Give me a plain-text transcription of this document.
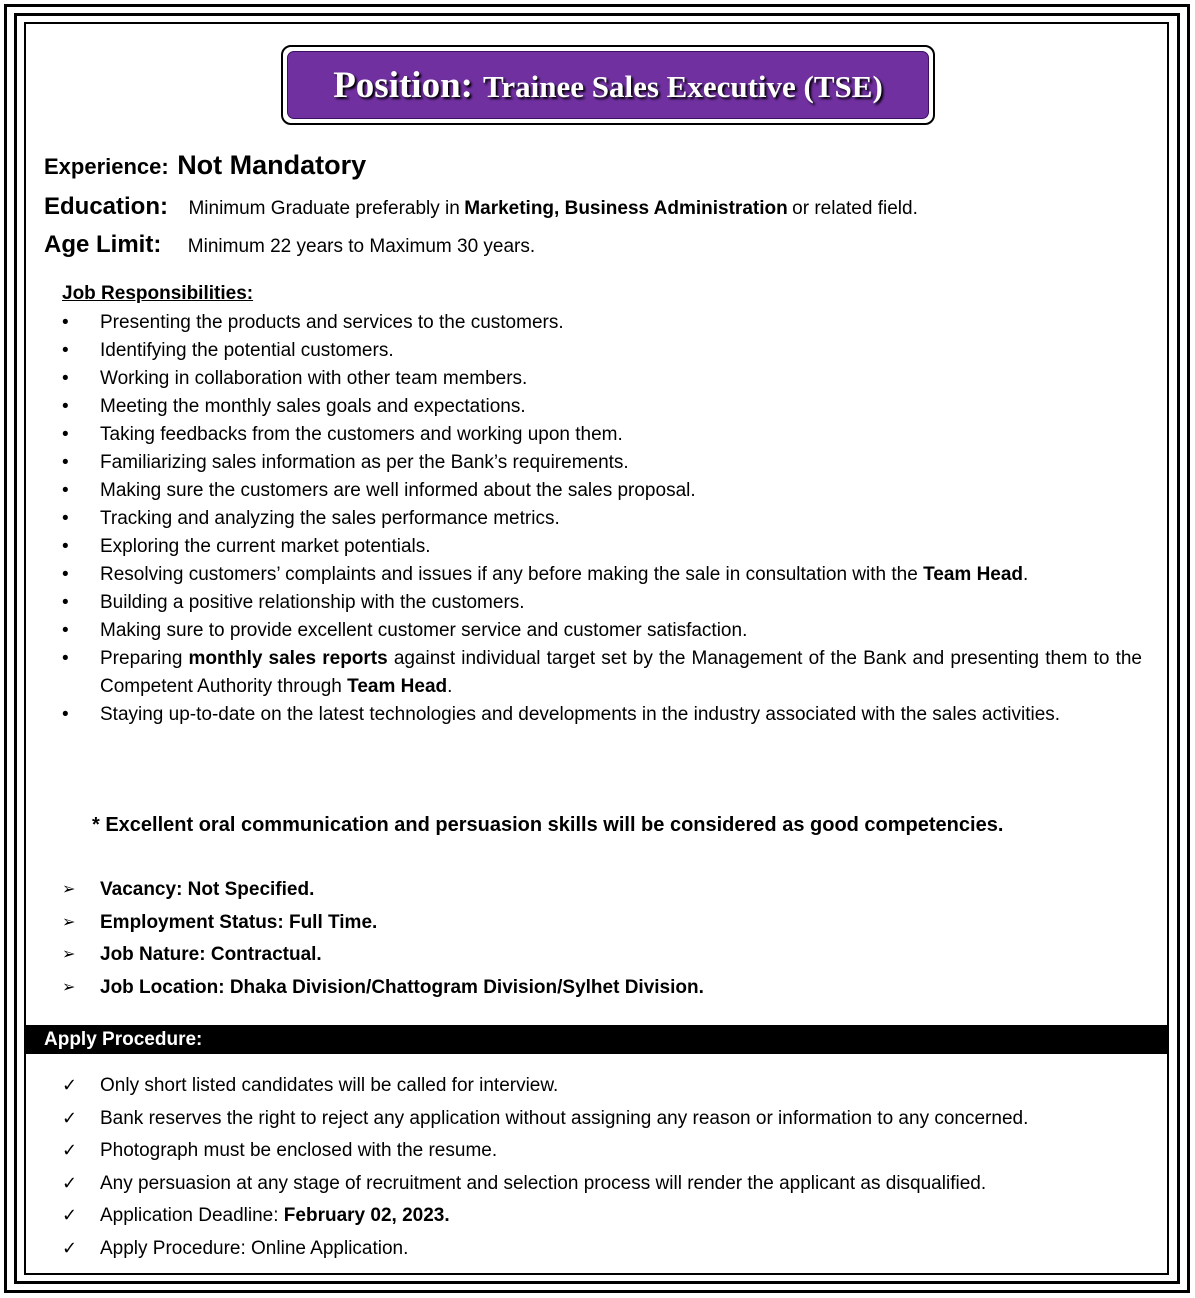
Position: Trainee Sales Executive (TSE)
Experience: Not Mandatory
Education: Minimum Graduate preferably in Marketing, Business Administration or related field.
Age Limit: Minimum 22 years to Maximum 30 years.
Job Responsibilities:
• Presenting the products and services to the customers.
• Identifying the potential customers.
• Working in collaboration with other team members.
• Meeting the monthly sales goals and expectations.
• Taking feedbacks from the customers and working upon them.
• Familiarizing sales information as per the Bank’s requirements.
• Making sure the customers are well informed about the sales proposal.
• Tracking and analyzing the sales performance metrics.
• Exploring the current market potentials.
• Resolving customers’ complaints and issues if any before making the sale in consultation with the Team Head.
• Building a positive relationship with the customers.
• Making sure to provide excellent customer service and customer satisfaction.
• Preparing monthly sales reports against individual target set by the Management of the Bank and presenting them to the Competent Authority through Team Head.
• Staying up-to-date on the latest technologies and developments in the industry associated with the sales activities.
* Excellent oral communication and persuasion skills will be considered as good competencies.
➢ Vacancy: Not Specified.
➢ Employment Status: Full Time.
➢ Job Nature: Contractual.
➢ Job Location: Dhaka Division/Chattogram Division/Sylhet Division.
Apply Procedure:
✓ Only short listed candidates will be called for interview.
✓ Bank reserves the right to reject any application without assigning any reason or information to any concerned.
✓ Photograph must be enclosed with the resume.
✓ Any persuasion at any stage of recruitment and selection process will render the applicant as disqualified.
✓ Application Deadline: February 02, 2023.
✓ Apply Procedure: Online Application.
